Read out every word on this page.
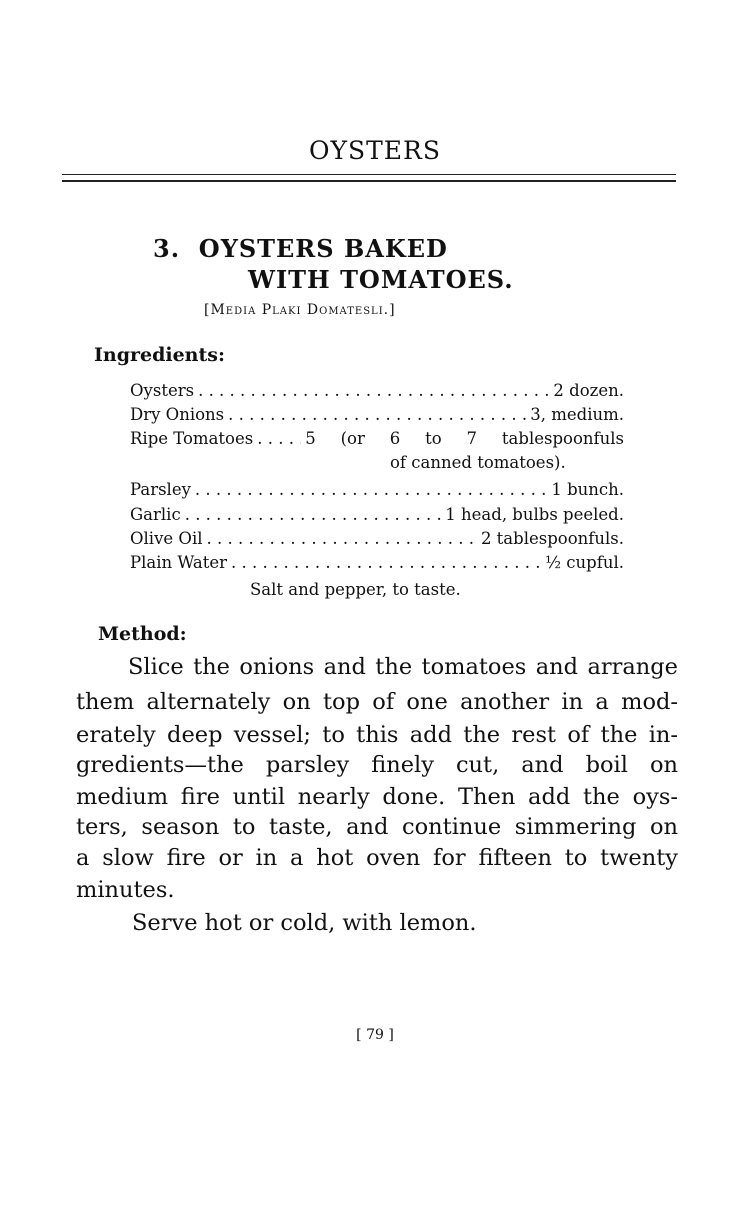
OYSTERS
3. OYSTERS BAKED
WITH TOMATOES.
[Media Plaki Domatesli.]
Ingredients:
Oysters . . .	2 dozen.
Dry Onions . . .	3, medium.
Ripe Tomatoes . . .	5 (or 6 to 7 tablespoonfuls
of canned tomatoes).
Parsley . . .	1 bunch.
Garlic . . .	1 head, bulbs peeled.
Olive Oil . . .	2 tablespoonfuls.
Plain Water . . .	½ cupful.
Salt and pepper, to taste.
Method:
Slice the onions and the tomatoes and arrange
them alternately on top of one another in a mod-
erately deep vessel; to this add the rest of the in-
gredients—the parsley finely cut, and boil on
medium fire until nearly done. Then add the oys-
ters, season to taste, and continue simmering on
a slow fire or in a hot oven for fifteen to twenty
minutes.
Serve hot or cold, with lemon.
[ 79 ]
